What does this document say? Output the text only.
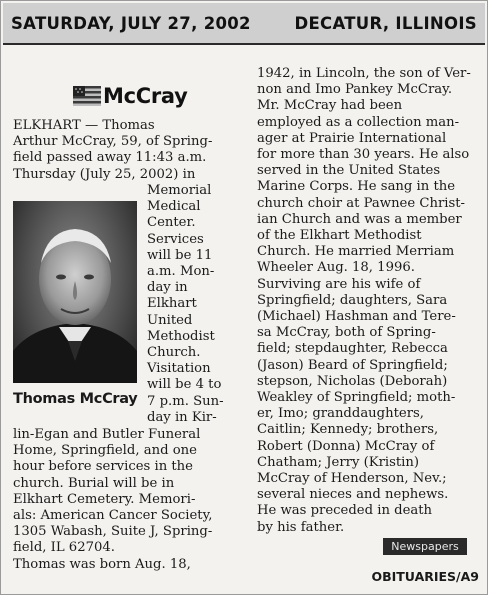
SATURDAY, JULY 27, 2002	DECATUR, ILLINOIS
McCray
ELKHART — Thomas
Arthur McCray, 59, of Spring-
field passed away 11:43 a.m.
Thursday (July 25, 2002) in
Memorial
Medical
Center.
Services
will be 11
a.m. Mon-
day in
Elkhart
United
Methodist
Church.
Visitation
will be 4 to
7 p.m. Sun-
day in Kir-
lin-Egan and Butler Funeral
Home, Springfield, and one
hour before services in the
church. Burial will be in
Elkhart Cemetery. Memori-
als: American Cancer Society,
1305 Wabash, Suite J, Spring-
field, IL 62704.
Thomas was born Aug. 18,
Thomas McCray
1942, in Lincoln, the son of Ver-
non and Imo Pankey McCray.
Mr. McCray had been
employed as a collection man-
ager at Prairie International
for more than 30 years. He also
served in the United States
Marine Corps. He sang in the
church choir at Pawnee Christ-
ian Church and was a member
of the Elkhart Methodist
Church. He married Merriam
Wheeler Aug. 18, 1996.
Surviving are his wife of
Springfield; daughters, Sara
(Michael) Hashman and Tere-
sa McCray, both of Spring-
field; stepdaughter, Rebecca
(Jason) Beard of Springfield;
stepson, Nicholas (Deborah)
Weakley of Springfield; moth-
er, Imo; granddaughters,
Caitlin; Kennedy; brothers,
Robert (Donna) McCray of
Chatham; Jerry (Kristin)
McCray of Henderson, Nev.;
several nieces and nephews.
He was preceded in death
by his father.
Newspapers
OBITUARIES/A9
